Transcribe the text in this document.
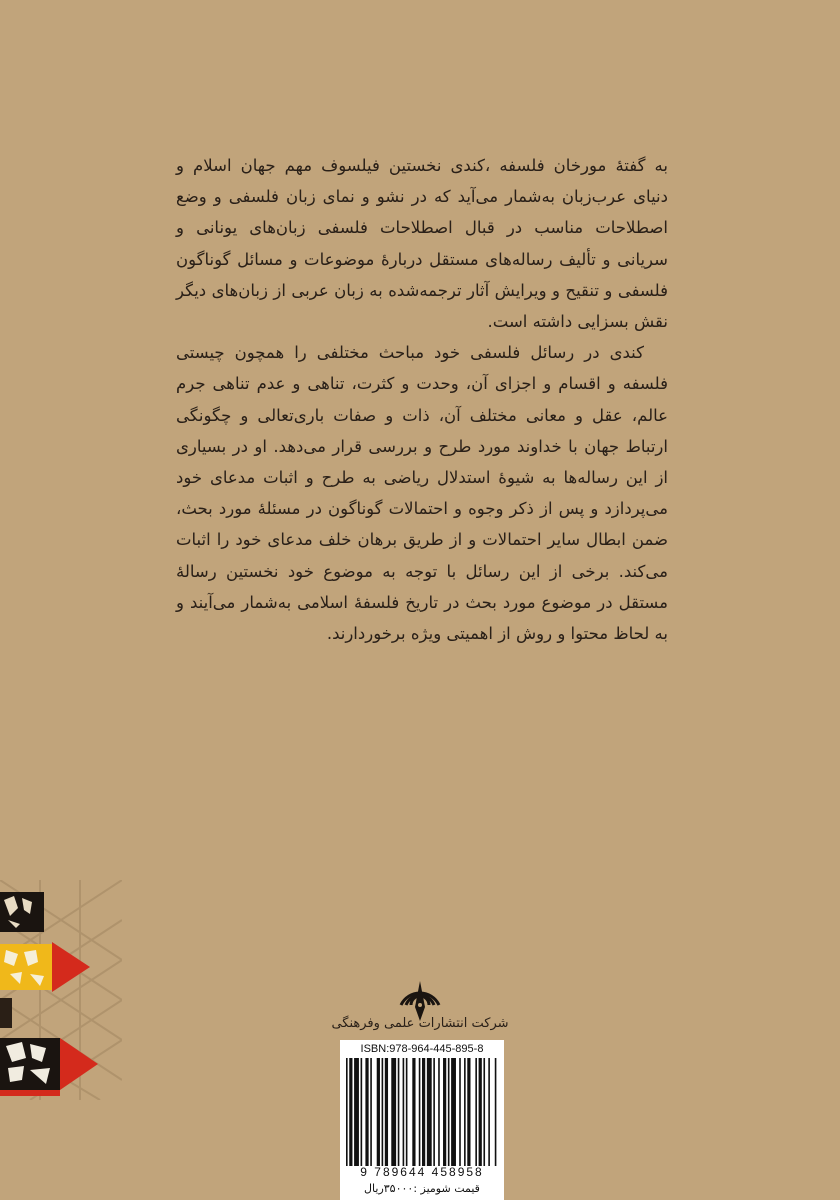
به گفتهٔ مورخان فلسفه ،کندی نخستین فیلسوف مهم جهان اسلام و دنیای عرب‌زبان به‌شمار می‌آید که در نشو و نمای زبان فلسفی و وضع اصطلاحات مناسب در قبال اصطلاحات فلسفی زبان‌های یونانی و سریانی و تألیف رساله‌های مستقل دربارهٔ موضوعات و مسائل گوناگون فلسفی و تنقیح و ویرایش آثار ترجمه‌شده به زبان عربی از زبان‌های دیگر نقش بسزایی داشته است.

کندی در رسائل فلسفی خود مباحث مختلفی را همچون چیستی فلسفه و اقسام و اجزای آن، وحدت و کثرت، تناهی و عدم تناهی جرم عالم، عقل و معانی مختلف آن، ذات و صفات باری‌تعالی و چگونگی ارتباط جهان با خداوند مورد طرح و بررسی قرار می‌دهد. او در بسیاری از این رساله‌ها به شیوهٔ استدلال ریاضی به طرح و اثبات مدعای خود می‌پردازد و پس از ذکر وجوه و احتمالات گوناگون در مسئلهٔ مورد بحث، ضمن ابطال سایر احتمالات و از طریق برهان خلف مدعای خود را اثبات می‌کند. برخی از این رسائل با توجه به موضوع خود نخستین رسالهٔ مستقل در موضوع مورد بحث در تاریخ فلسفهٔ اسلامی به‌شمار می‌آیند و به لحاظ محتوا و روش از اهمیتی ویژه برخوردارند.

شرکت انتشارات علمی وفرهنگی
ISBN:978-964-445-895-8
9 789644 458958
قیمت شومیز :۳۵۰۰۰ریال
